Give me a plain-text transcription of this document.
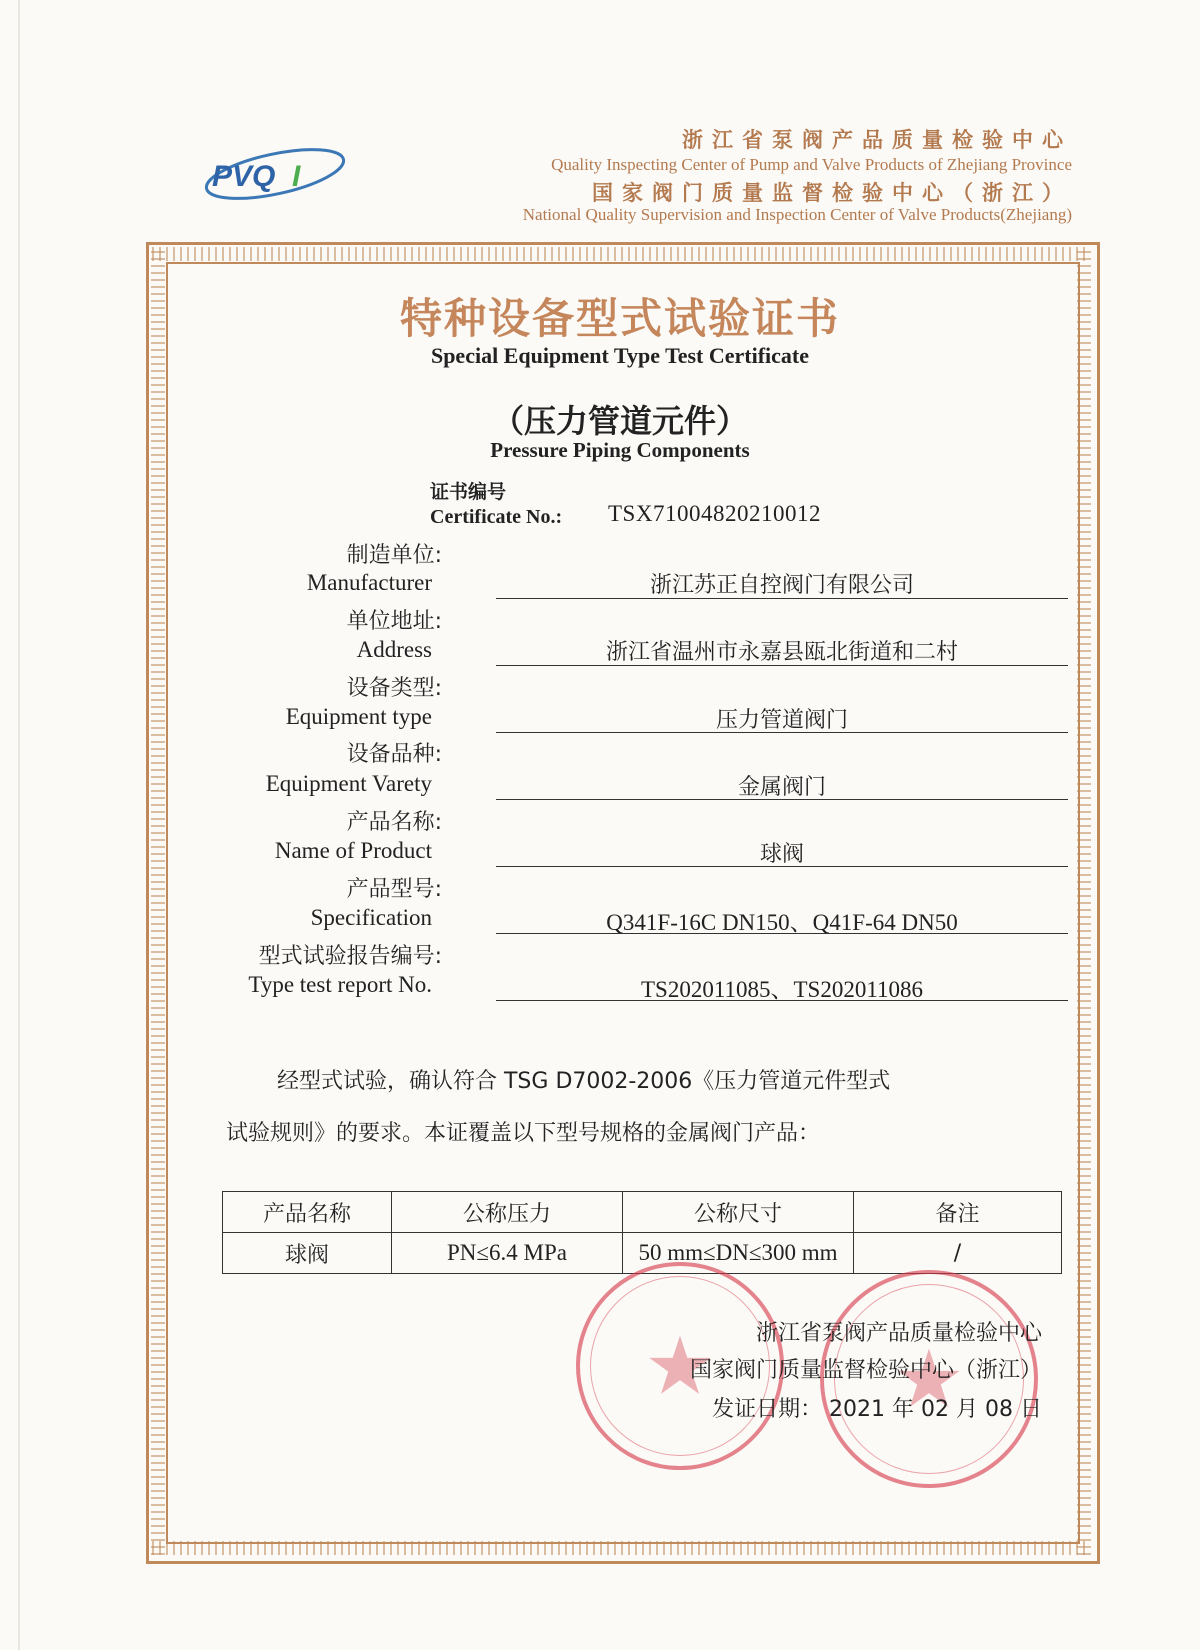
PVQ I
浙江省泵阀产品质量检验中心
Quality Inspecting Center of Pump and Valve Products of Zhejiang Province
国家阀门质量监督检验中心（浙江）
National Quality Supervision and Inspection Center of Valve Products(Zhejiang)
特种设备型式试验证书
Special Equipment Type Test Certificate
（压力管道元件）
Pressure Piping Components
证书编号
Certificate No.: TSX71004820210012
制造单位:
Manufacturer	浙江苏正自控阀门有限公司
单位地址:
Address	浙江省温州市永嘉县瓯北街道和二村
设备类型:
Equipment type	压力管道阀门
设备品种:
Equipment Varety	金属阀门
产品名称:
Name of Product	球阀
产品型号:
Specification	Q341F-16C DN150、Q41F-64 DN50
型式试验报告编号:
Type test report No.	TS202011085、TS202011086
经型式试验，确认符合 TSG D7002-2006《压力管道元件型式
试验规则》的要求。本证覆盖以下型号规格的金属阀门产品：
产品名称	公称压力	公称尺寸	备注
球阀	PN≤6.4 MPa	50 mm≤DN≤300 mm	/
★ ★
浙江省泵阀产品质量检验中心
国家阀门质量监督检验中心（浙江）
发证日期： 2021 年 02 月 08 日
